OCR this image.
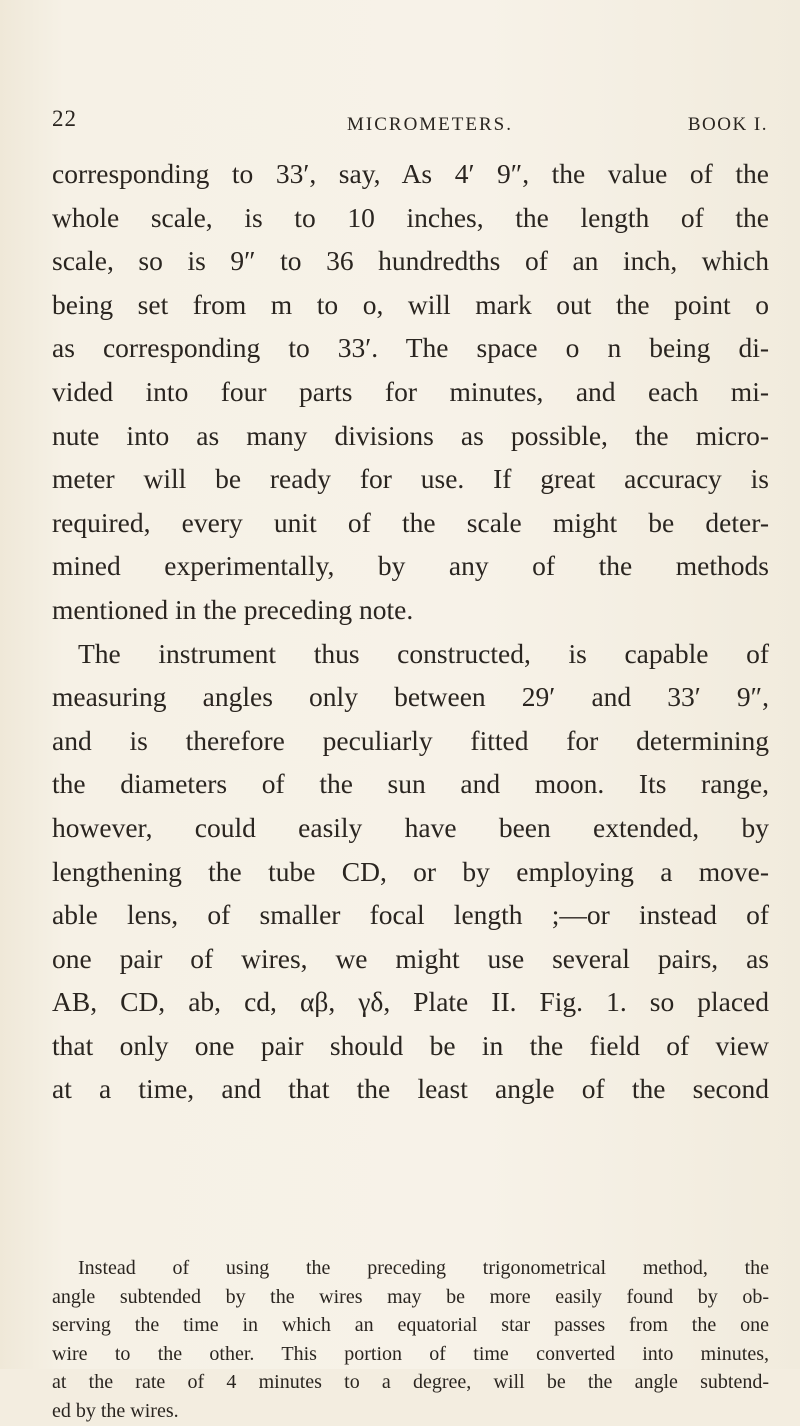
22	MICROMETERS.	BOOK I.
corresponding to 33′, say, As 4′ 9″, the value of the
whole scale, is to 10 inches, the length of the
scale, so is 9″ to 36 hundredths of an inch, which
being set from m to o, will mark out the point o
as corresponding to 33′. The space o n being di-
vided into four parts for minutes, and each mi-
nute into as many divisions as possible, the micro-
meter will be ready for use. If great accuracy is
required, every unit of the scale might be deter-
mined experimentally, by any of the methods
mentioned in the preceding note.
The instrument thus constructed, is capable of
measuring angles only between 29′ and 33′ 9″,
and is therefore peculiarly fitted for determining
the diameters of the sun and moon. Its range,
however, could easily have been extended, by
lengthening the tube CD, or by employing a move-
able lens, of smaller focal length ;—or instead of
one pair of wires, we might use several pairs, as
AB, CD, ab, cd, αβ, γδ, Plate II. Fig. 1. so placed
that only one pair should be in the field of view
at a time, and that the least angle of the second
Instead of using the preceding trigonometrical method, the
angle subtended by the wires may be more easily found by ob-
serving the time in which an equatorial star passes from the one
wire to the other. This portion of time converted into minutes,
at the rate of 4 minutes to a degree, will be the angle subtend-
ed by the wires.
